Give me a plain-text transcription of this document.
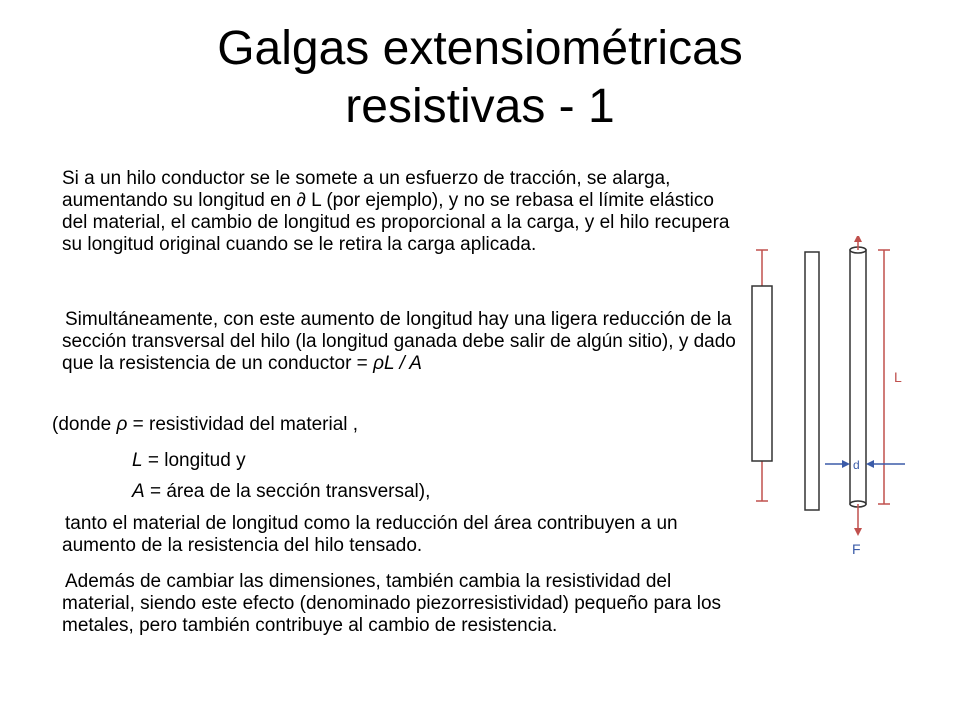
Galgas extensiométricas
resistivas - 1

Si a un hilo conductor se le somete a un esfuerzo de tracción, se alarga, aumentando su longitud en ∂ L (por ejemplo), y no se rebasa el límite elástico del material, el cambio de longitud es proporcional a la carga, y el hilo recupera su longitud original cuando se le retira la carga aplicada.

Simultáneamente, con este aumento de longitud hay una ligera reducción de la sección transversal del hilo (la longitud ganada debe salir de algún sitio), y dado que la resistencia de un conductor = ρL / A
(donde ρ = resistividad del material ,
L = longitud y
A = área de la sección transversal),

tanto el material de longitud como la reducción del área contribuyen a un aumento de la resistencia del hilo tensado.

Además de cambiar las dimensiones, también cambia la resistividad del material, siendo este efecto (denominado piezorresistividad) pequeño para los metales, pero también contribuye al cambio de resistencia.

F
L
d
